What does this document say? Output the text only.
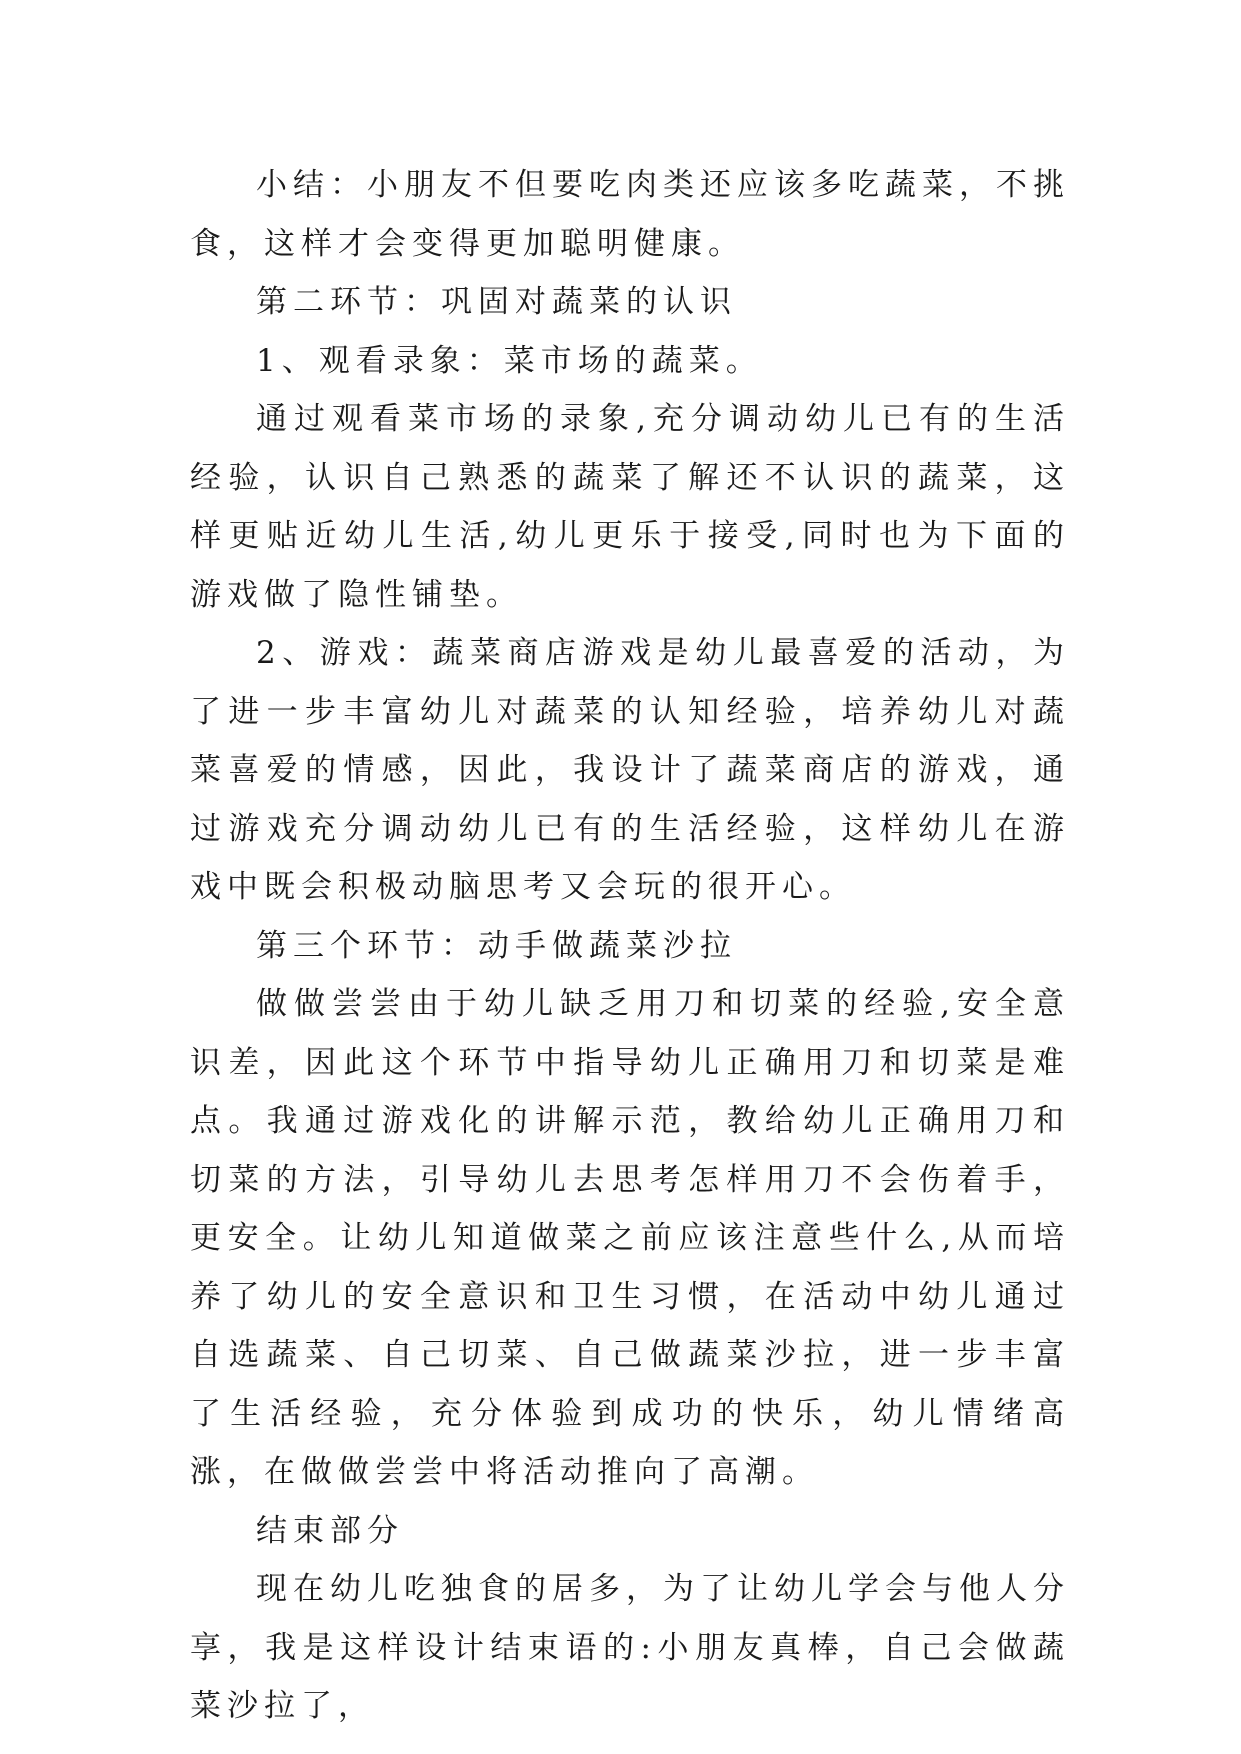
小结：小朋友不但要吃肉类还应该多吃蔬菜，不挑食，这样才会变得更加聪明健康。

第二环节：巩固对蔬菜的认识

1、观看录象：菜市场的蔬菜。

通过观看菜市场的录象,充分调动幼儿已有的生活经验，认识自己熟悉的蔬菜了解还不认识的蔬菜，这样更贴近幼儿生活,幼儿更乐于接受,同时也为下面的游戏做了隐性铺垫。

2、游戏：蔬菜商店游戏是幼儿最喜爱的活动，为了进一步丰富幼儿对蔬菜的认知经验，培养幼儿对蔬菜喜爱的情感，因此，我设计了蔬菜商店的游戏，通过游戏充分调动幼儿已有的生活经验，这样幼儿在游戏中既会积极动脑思考又会玩的很开心。

第三个环节：动手做蔬菜沙拉

做做尝尝由于幼儿缺乏用刀和切菜的经验,安全意识差，因此这个环节中指导幼儿正确用刀和切菜是难点。我通过游戏化的讲解示范，教给幼儿正确用刀和切菜的方法，引导幼儿去思考怎样用刀不会伤着手，更安全。让幼儿知道做菜之前应该注意些什么,从而培养了幼儿的安全意识和卫生习惯，在活动中幼儿通过自选蔬菜、自己切菜、自己做蔬菜沙拉，进一步丰富了生活经验，充分体验到成功的快乐，幼儿情绪高涨，在做做尝尝中将活动推向了高潮。

结束部分

现在幼儿吃独食的居多，为了让幼儿学会与他人分享，我是这样设计结束语的:小朋友真棒，自己会做蔬菜沙拉了，
